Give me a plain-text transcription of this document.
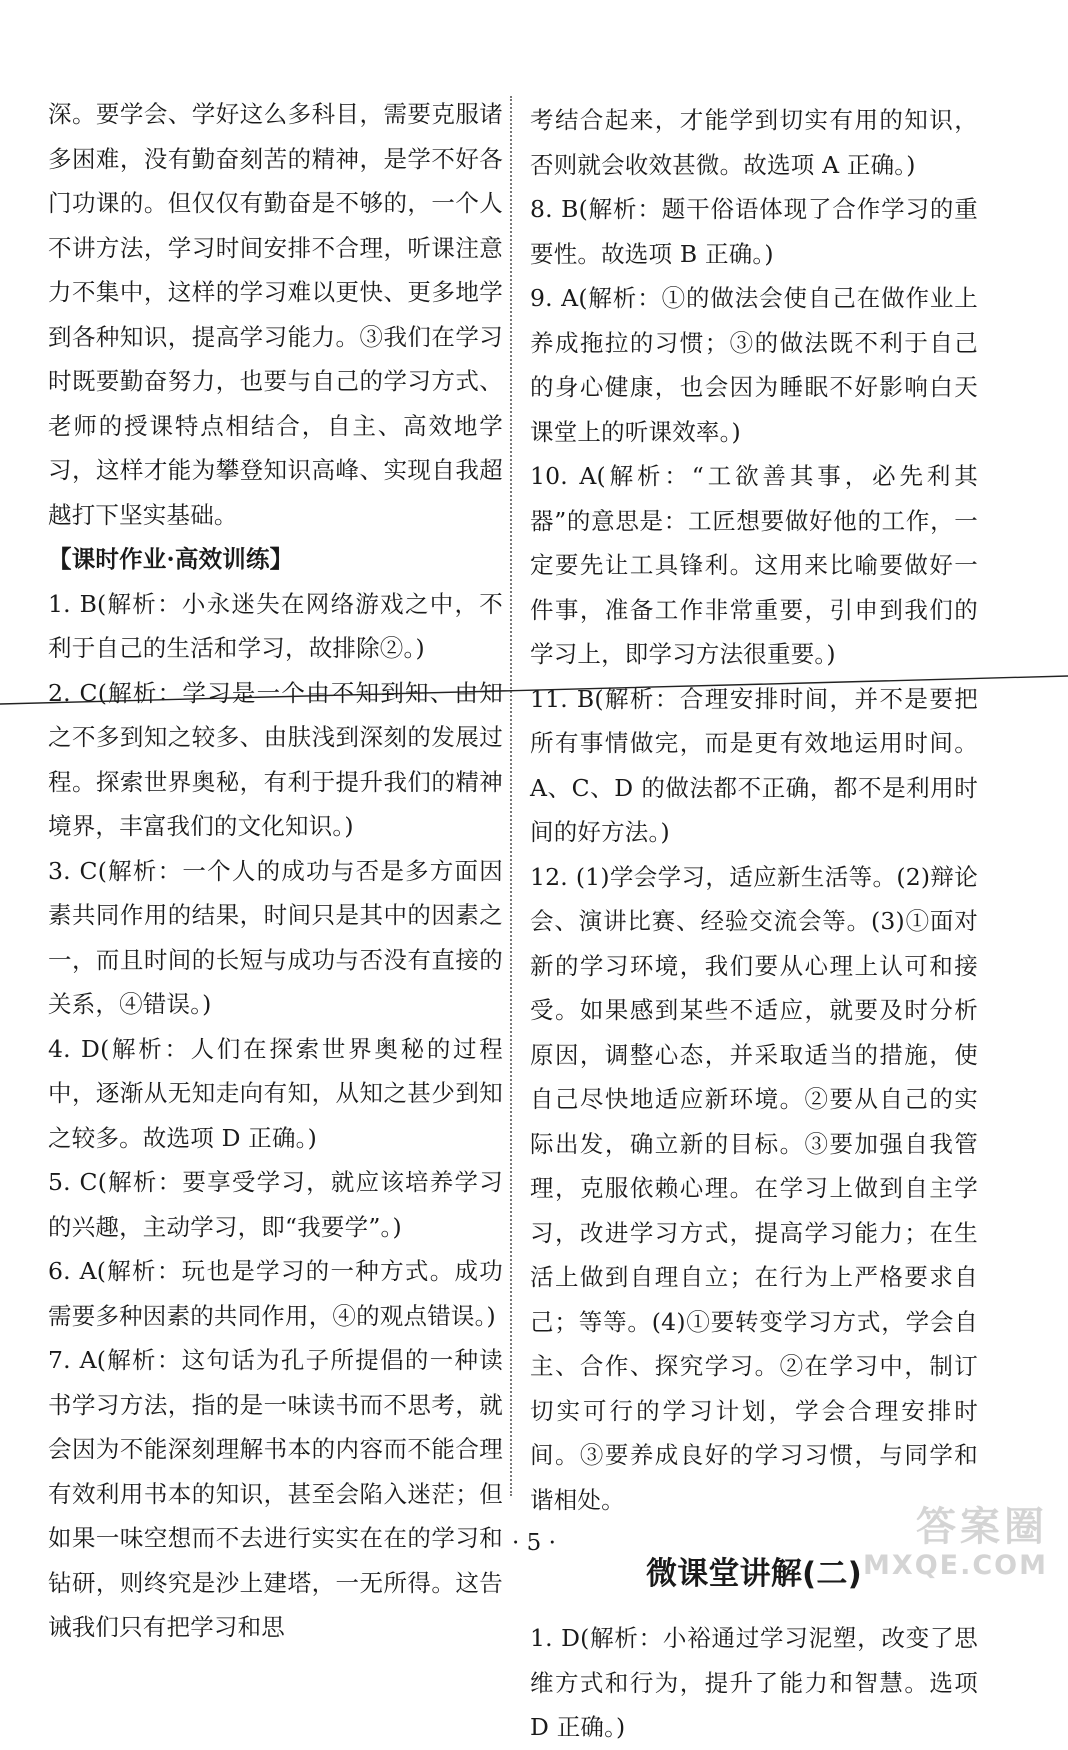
深。要学会、学好这么多科目，需要克服诸多困难，没有勤奋刻苦的精神，是学不好各门功课的。但仅仅有勤奋是不够的，一个人不讲方法，学习时间安排不合理，听课注意力不集中，这样的学习难以更快、更多地学到各种知识，提高学习能力。③我们在学习时既要勤奋努力，也要与自己的学习方式、老师的授课特点相结合，自主、高效地学习，这样才能为攀登知识高峰、实现自我超越打下坚实基础。

【课时作业·高效训练】

1. B(解析：小永迷失在网络游戏之中，不利于自己的生活和学习，故排除②。)

2. C(解析：学习是一个由不知到知、由知之不多到知之较多、由肤浅到深刻的发展过程。探索世界奥秘，有利于提升我们的精神境界，丰富我们的文化知识。)

3. C(解析：一个人的成功与否是多方面因素共同作用的结果，时间只是其中的因素之一，而且时间的长短与成功与否没有直接的关系，④错误。)

4. D(解析：人们在探索世界奥秘的过程中，逐渐从无知走向有知，从知之甚少到知之较多。故选项 D 正确。)

5. C(解析：要享受学习，就应该培养学习的兴趣，主动学习，即“我要学”。)

6. A(解析：玩也是学习的一种方式。成功需要多种因素的共同作用，④的观点错误。)

7. A(解析：这句话为孔子所提倡的一种读书学习方法，指的是一味读书而不思考，就会因为不能深刻理解书本的内容而不能合理有效利用书本的知识，甚至会陷入迷茫；但如果一味空想而不去进行实实在在的学习和钻研，则终究是沙上建塔，一无所得。这告诫我们只有把学习和思

考结合起来，才能学到切实有用的知识，否则就会收效甚微。故选项 A 正确。)

8. B(解析：题干俗语体现了合作学习的重要性。故选项 B 正确。)

9. A(解析：①的做法会使自己在做作业上养成拖拉的习惯；③的做法既不利于自己的身心健康，也会因为睡眠不好影响白天课堂上的听课效率。)

10. A(解析：“工欲善其事，必先利其器”的意思是：工匠想要做好他的工作，一定要先让工具锋利。这用来比喻要做好一件事，准备工作非常重要，引申到我们的学习上，即学习方法很重要。)

11. B(解析：合理安排时间，并不是要把所有事情做完，而是更有效地运用时间。A、C、D 的做法都不正确，都不是利用时间的好方法。)

12. (1)学会学习，适应新生活等。(2)辩论会、演讲比赛、经验交流会等。(3)①面对新的学习环境，我们要从心理上认可和接受。如果感到某些不适应，就要及时分析原因，调整心态，并采取适当的措施，使自己尽快地适应新环境。②要从自己的实际出发，确立新的目标。③要加强自我管理，克服依赖心理。在学习上做到自主学习，改进学习方式，提高学习能力；在生活上做到自理自立；在行为上严格要求自己；等等。(4)①要转变学习方式，学会自主、合作、探究学习。②在学习中，制订切实可行的学习计划，学会合理安排时间。③要养成良好的学习习惯，与同学和谐相处。

微课堂讲解(二)

1. D(解析：小裕通过学习泥塑，改变了思维方式和行为，提升了能力和智慧。选项 D 正确。)

· 5 ·	答案圈
MXQE.COM
